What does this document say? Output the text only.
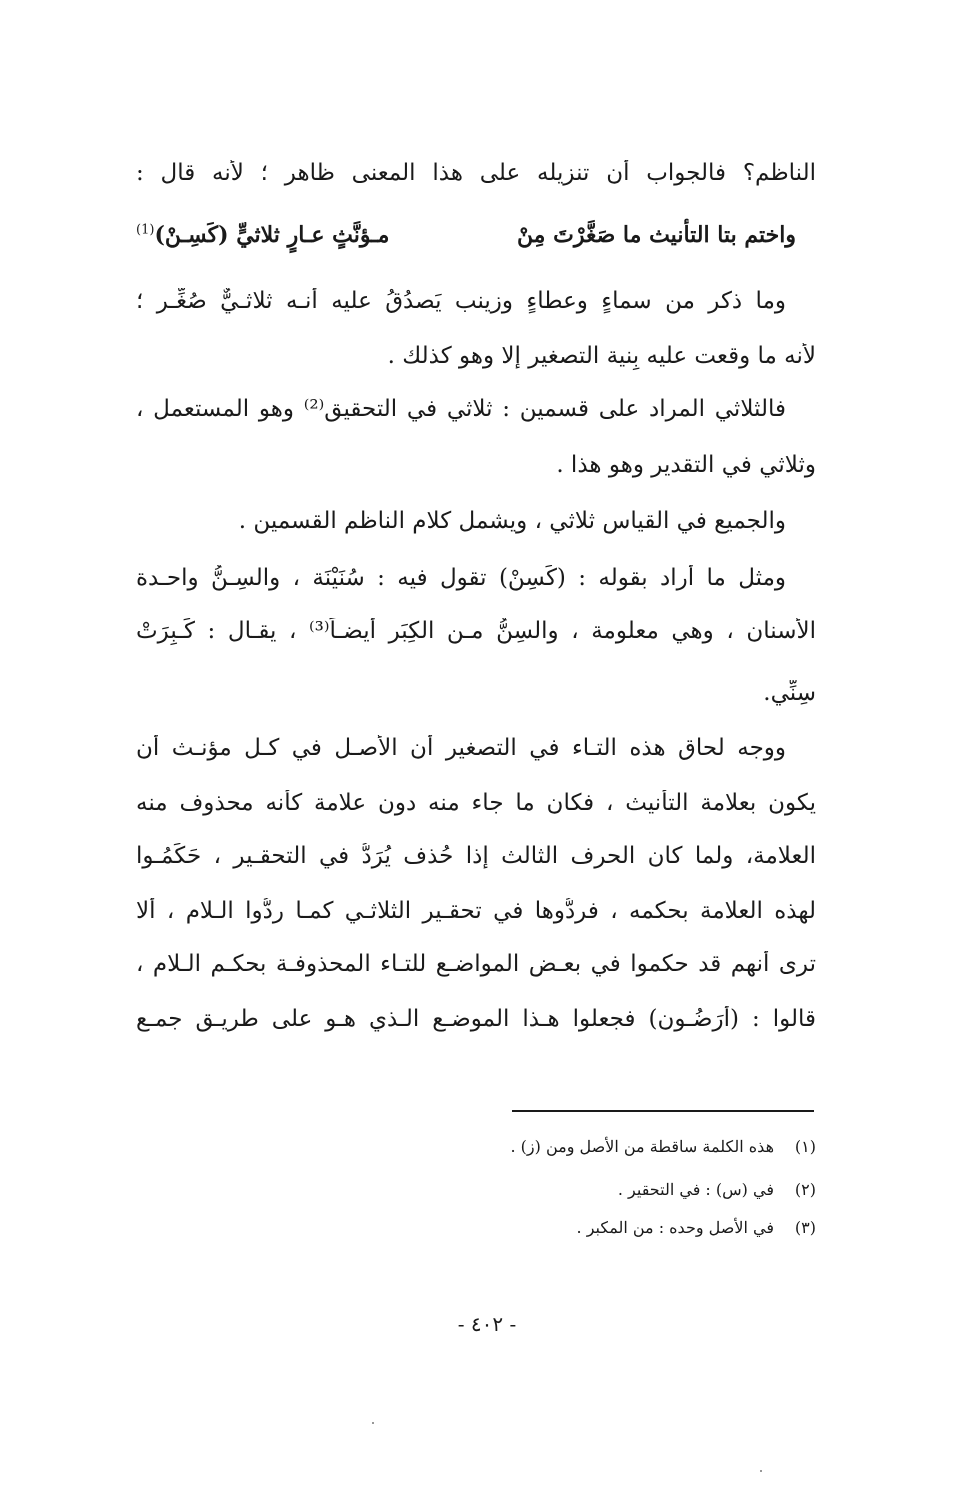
الناظم؟ فالجواب أن تنزيله على هذا المعنى ظاهر ؛ لأنه قال :
واختم بتا التأنيث ما صَغَّرْتَ مِنْ
مـؤنَّثٍ عـارٍ ثلاثيٍّ (كَسِـنْ)$^{(1)}$
وما ذكر من سماءٍ وعطاءٍ وزينب يَصدُقُ عليه أنـه ثلاثـيٌّ صُغِّـر ؛
لأنه ما وقعت عليه بِنية التصغير إلا وهو كذلك .
فالثلاثي المراد على قسمين : ثلاثي في التحقيق⁽²⁾ وهو المستعمل ،
وثلاثي في التقدير وهو هذا .
والجميع في القياس ثلاثي ، ويشمل كلام الناظم القسمين .
ومثل ما أراد بقوله : (كَسِنْ) تقول فيه : سُنَيْنَة ، والسِـنُّ واحـدة
الأسنان ، وهي معلومة ، والسِنُّ مـن الكِبَر أيضـاً⁽³⁾ ، يقـال : كَـبِرَتْ
سِنِّي.
ووجه لحاق هذه التـاء في التصغير أن الأصـل في كـل مؤنـث أن
يكون بعلامة التأنيث ، فكان ما جاء منه دون علامة كأنه محذوف منه
العلامة، ولما كان الحرف الثالث إذا حُذف يُرَدُّ في التحقـير ، حَكَمُـوا
لهذه العلامة بحكمه ، فردُّوها في تحقـير الثلاثـي كمـا ردُّوا الـلام ، ألا
ترى أنهم قد حكموا في بعـض المواضـع للتـاء المحذوفـة بحكـم الـلام ،
قالوا : (أَرَضُـون) فجعلوا هـذا الموضـع الـذي هـو على طريـق جمـع
(١)
هذه الكلمة ساقطة من الأصل ومن (ز) .
(٢)
في (س) : في التحقير .
(٣)
في الأصل وحده : من المكبر .
- ٤٠٢ -
